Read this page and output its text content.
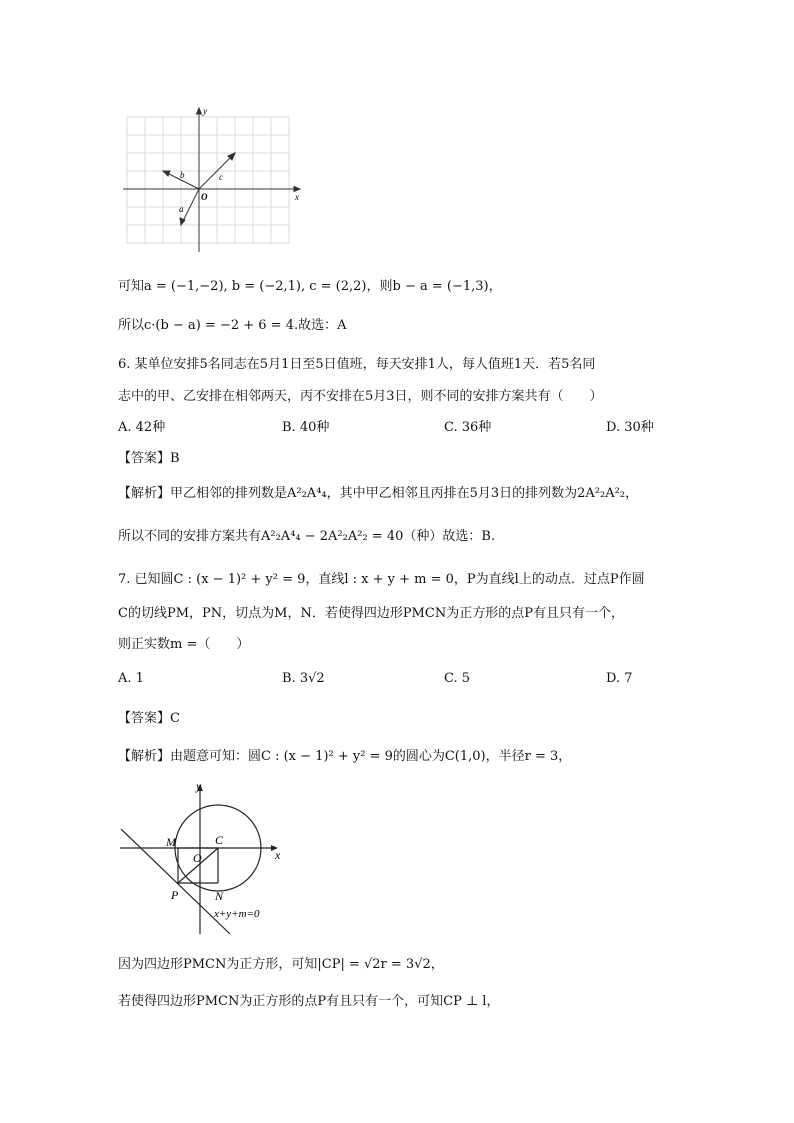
y
x
O
b	c
a
可知a = (−1,−2), b = (−2,1), c = (2,2)，则b − a = (−1,3)，
所以c·(b − a) = −2 + 6 = 4.故选：A
6. 某单位安排5名同志在5月1日至5日值班，每天安排1人，每人值班1天．若5名同
志中的甲、乙安排在相邻两天，丙不安排在5月3日，则不同的安排方案共有（　　）
A. 42种	B. 40种	C. 36种	D. 30种
【答案】B
【解析】甲乙相邻的排列数是A²₂A⁴₄，其中甲乙相邻且丙排在5月3日的排列数为2A²₂A²₂，
所以不同的安排方案共有A²₂A⁴₄ − 2A²₂A²₂ = 40（种）故选：B.
7. 已知圆C : (x − 1)² + y² = 9，直线l : x + y + m = 0，P为直线l上的动点．过点P作圆
C的切线PM，PN，切点为M，N．若使得四边形PMCN为正方形的点P有且只有一个，
则正实数m =（　　）
A. 1	B. 3√2	C. 5	D. 7
【答案】C
【解析】由题意可知：圆C : (x − 1)² + y² = 9的圆心为C(1,0)，半径r = 3，
y
x
M	C
O
P	N
x+y+m=0
因为四边形PMCN为正方形，可知|CP| = √2r = 3√2，
若使得四边形PMCN为正方形的点P有且只有一个，可知CP ⊥ l，
